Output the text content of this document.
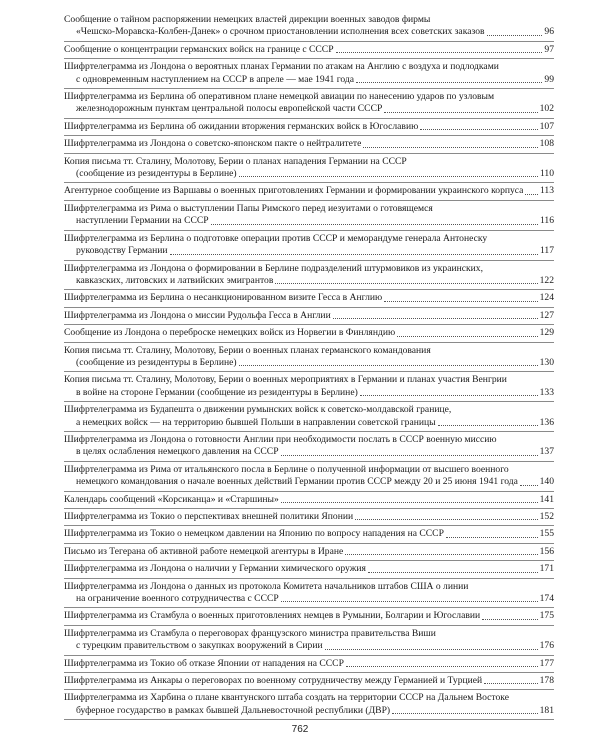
Сообщение о тайном распоряжении немецких властей дирекции военных заводов фирмы
«Чешско-Моравска-Колбен-Данек» о срочном приостановлении исполнения всех советских заказов	96
Сообщение о концентрации германских войск на границе с СССР	97
Шифртелеграмма из Лондона о вероятных планах Германии по атакам на Англию с воздуха и подлодками
с одновременным наступлением на СССР в апреле — мае 1941 года	99
Шифртелеграмма из Берлина об оперативном плане немецкой авиации по нанесению ударов по узловым
железнодорожным пунктам центральной полосы европейской части СССР	102
Шифртелеграмма из Берлина об ожидании вторжения германских войск в Югославию	107
Шифртелеграмма из Лондона о советско-японском пакте о нейтралитете	108
Копия письма тт. Сталину, Молотову, Берии о планах нападения Германии на СССР
(сообщение из резидентуры в Берлине)	110
Агентурное сообщение из Варшавы о военных приготовлениях Германии и формировании украинского корпуса 113
Шифртелеграмма из Рима о выступлении Папы Римского перед иезуитами о готовящемся
наступлении Германии на СССР	116
Шифртелеграмма из Берлина о подготовке операции против СССР и меморандуме генерала Антонеску
руководству Германии	117
Шифртелеграмма из Лондона о формировании в Берлине подразделений штурмовиков из украинских,
кавказских, литовских и латвийских эмигрантов	122
Шифртелеграмма из Берлина о несанкционированном визите Гесса в Англию	124
Шифртелеграмма из Лондона о миссии Рудольфа Гесса в Англии	127
Сообщение из Лондона о переброске немецких войск из Норвегии в Финляндию	129
Копия письма тт. Сталину, Молотову, Берии о военных планах германского командования
(сообщение из резидентуры в Берлине)	130
Копия письма тт. Сталину, Молотову, Берии о военных мероприятиях в Германии и планах участия Венгрии
в войне на стороне Германии (сообщение из резидентуры в Берлине)	133
Шифртелеграмма из Будапешта о движении румынских войск к советско-молдавской границе,
а немецких войск — на территорию бывшей Польши в направлении советской границы	136
Шифртелеграмма из Лондона о готовности Англии при необходимости послать в СССР военную миссию
в целях ослабления немецкого давления на СССР	137
Шифртелеграмма из Рима от итальянского посла в Берлине о полученной информации от высшего военного
немецкого командования о начале военных действий Германии против СССР между 20 и 25 июня 1941 года 140
Календарь сообщений «Корсиканца» и «Старшины»	141
Шифртелеграмма из Токио о перспективах внешней политики Японии	152
Шифртелеграмма из Токио о немецком давлении на Японию по вопросу нападения на СССР	155
Письмо из Тегерана об активной работе немецкой агентуры в Иране	156
Шифртелеграмма из Лондона о наличии у Германии химического оружия	171
Шифртелеграмма из Лондона о данных из протокола Комитета начальников штабов США о линии
на ограничение военного сотрудничества с СССР	174
Шифртелеграмма из Стамбула о военных приготовлениях немцев в Румынии, Болгарии и Югославии	175
Шифртелеграмма из Стамбула о переговорах французского министра правительства Виши
с турецким правительством о закупках вооружений в Сирии	176
Шифртелеграмма из Токио об отказе Японии от нападения на СССР	177
Шифртелеграмма из Анкары о переговорах по военному сотрудничеству между Германией и Турцией	178
Шифртелеграмма из Харбина о плане квантунского штаба создать на территории СССР на Дальнем Востоке
буферное государство в рамках бывшей Дальневосточной республики (ДВР)	181
762
